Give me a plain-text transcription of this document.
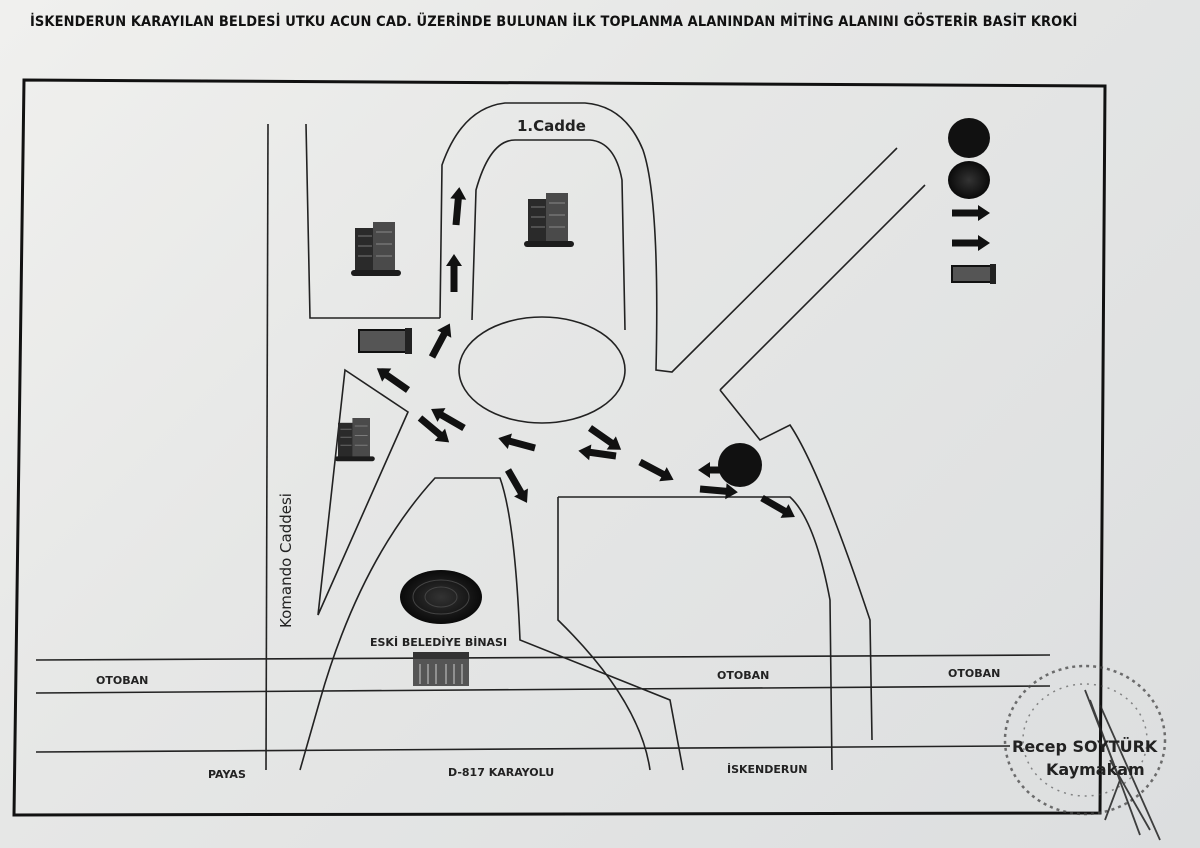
İSKENDERUN KARAYILAN BELDESİ UTKU ACUN CAD. ÜZERİNDE BULUNAN İLK TOPLANMA ALANINDAN MİTİNG ALANINI GÖSTERİR BASİT KROKİ
1.Cadde
Komando Caddesi
ESKİ BELEDİYE BİNASI
OTOBAN	OTOBAN	OTOBAN
PAYAS	D-817 KARAYOLU	İSKENDERUN
Recep SOYTÜRK
Kaymakam
